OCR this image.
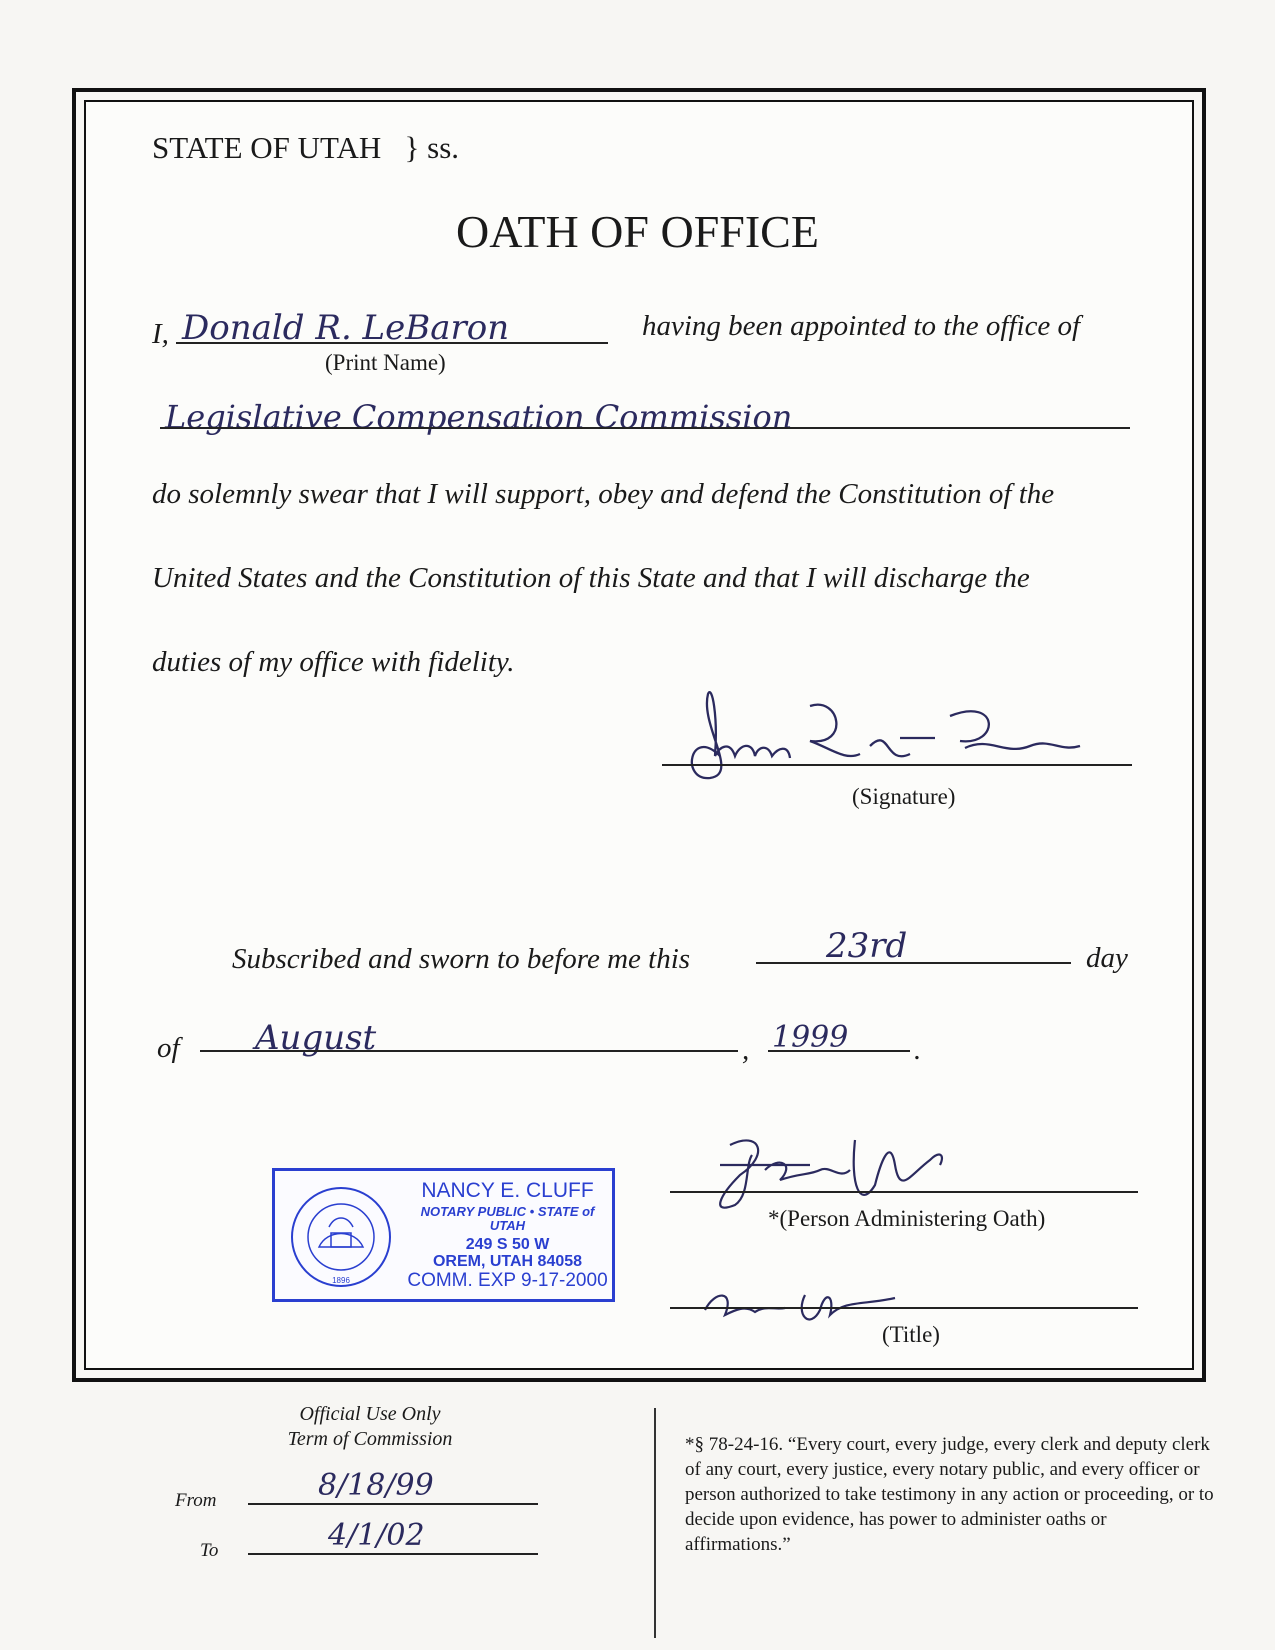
STATE OF UTAH } ss.
OATH OF OFFICE
I, Donald R. LeBaron	having been appointed to the office of
(Print Name)
Legislative Compensation Commission
do solemnly swear that I will support, obey and defend the Constitution of the
United States and the Constitution of this State and that I will discharge the
duties of my office with fidelity.
(Signature)
Subscribed and sworn to before me this	23rd	day
of August	, 1999 .
1896
NANCY E. CLUFF
NOTARY PUBLIC • STATE of UTAH
249 S 50 W
OREM, UTAH 84058
COMM. EXP 9-17-2000
*(Person Administering Oath)
(Title)
Official Use Only
Term of Commission
From	8/18/99
To	4/1/02
*§ 78-24-16. “Every court, every judge, every clerk and deputy clerk of any court, every justice, every notary public, and every officer or person authorized to take testimony in any action or proceeding, or to decide upon evidence, has power to administer oaths or affirmations.”
